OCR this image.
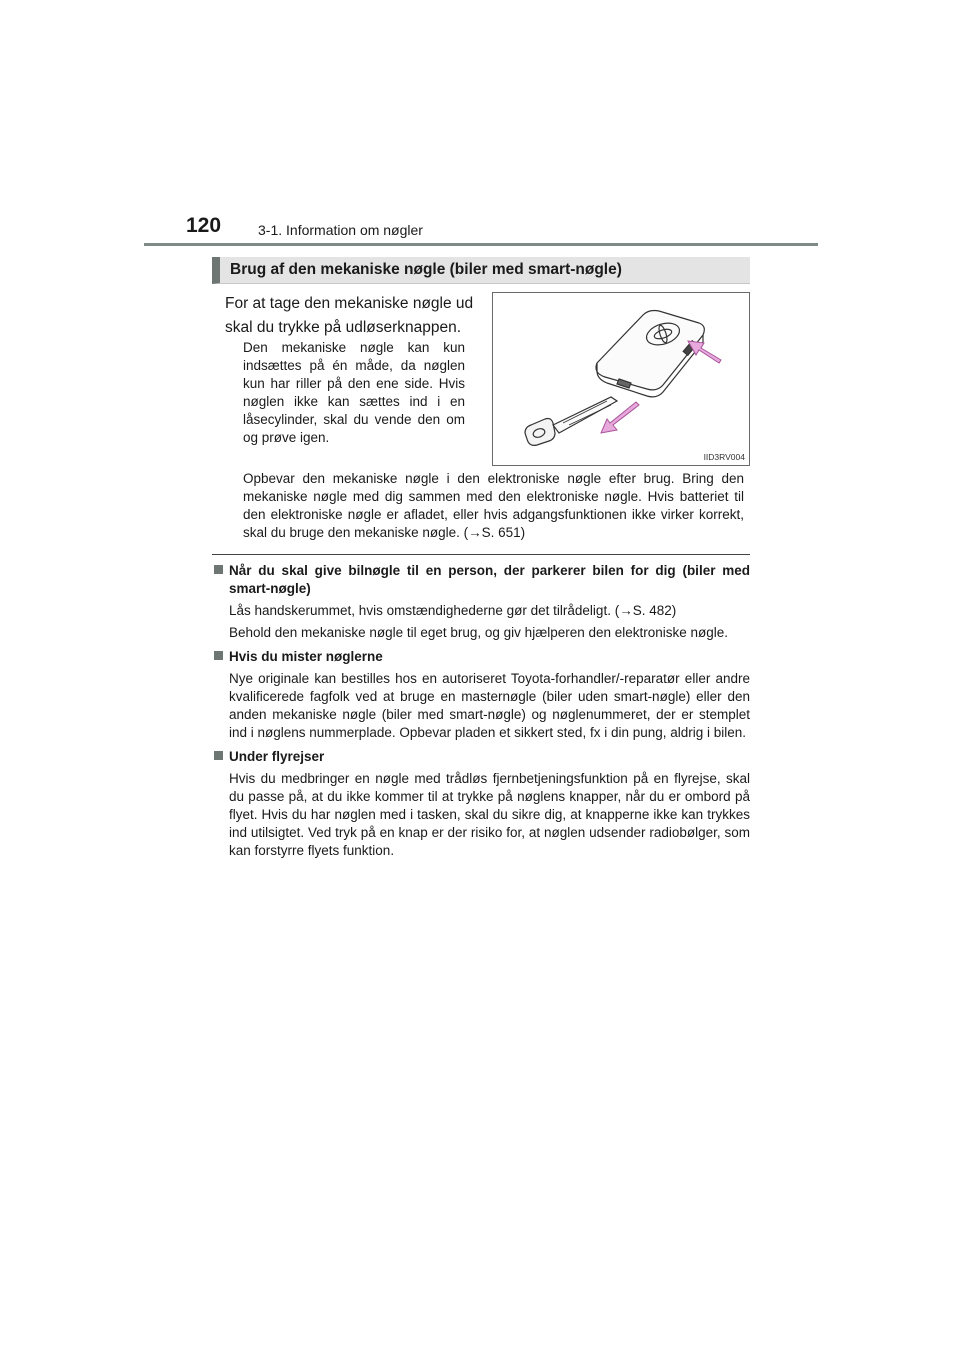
120	3-1. Information om nøgler
Brug af den mekaniske nøgle (biler med smart-nøgle)
For at tage den mekaniske nøgle ud skal du trykke på udløserknappen.
Den mekaniske nøgle kan kun indsættes på én måde, da nøglen kun har riller på den ene side. Hvis nøglen ikke kan sættes ind i en låsecylinder, skal du vende den om og prøve igen.
IID3RV004
Opbevar den mekaniske nøgle i den elektroniske nøgle efter brug. Bring den mekaniske nøgle med dig sammen med den elektroniske nøgle. Hvis batteriet til den elektroniske nøgle er afladet, eller hvis adgangsfunktionen ikke virker korrekt, skal du bruge den mekaniske nøgle. (→S. 651)
Når du skal give bilnøgle til en person, der parkerer bilen for dig (biler med smart-nøgle)
Lås handskerummet, hvis omstændighederne gør det tilrådeligt. (→S. 482)
Behold den mekaniske nøgle til eget brug, og giv hjælperen den elektroniske nøgle.
Hvis du mister nøglerne
Nye originale kan bestilles hos en autoriseret Toyota-forhandler/-reparatør eller andre kvalificerede fagfolk ved at bruge en masternøgle (biler uden smart-nøgle) eller den anden mekaniske nøgle (biler med smart-nøgle) og nøglenummeret, der er stemplet ind i nøglens nummerplade. Opbevar pladen et sikkert sted, fx i din pung, aldrig i bilen.
Under flyrejser
Hvis du medbringer en nøgle med trådløs fjernbetjeningsfunktion på en flyrejse, skal du passe på, at du ikke kommer til at trykke på nøglens knapper, når du er ombord på flyet. Hvis du har nøglen med i tasken, skal du sikre dig, at knapperne ikke kan trykkes ind utilsigtet. Ved tryk på en knap er der risiko for, at nøglen udsender radiobølger, som kan forstyrre flyets funktion.
